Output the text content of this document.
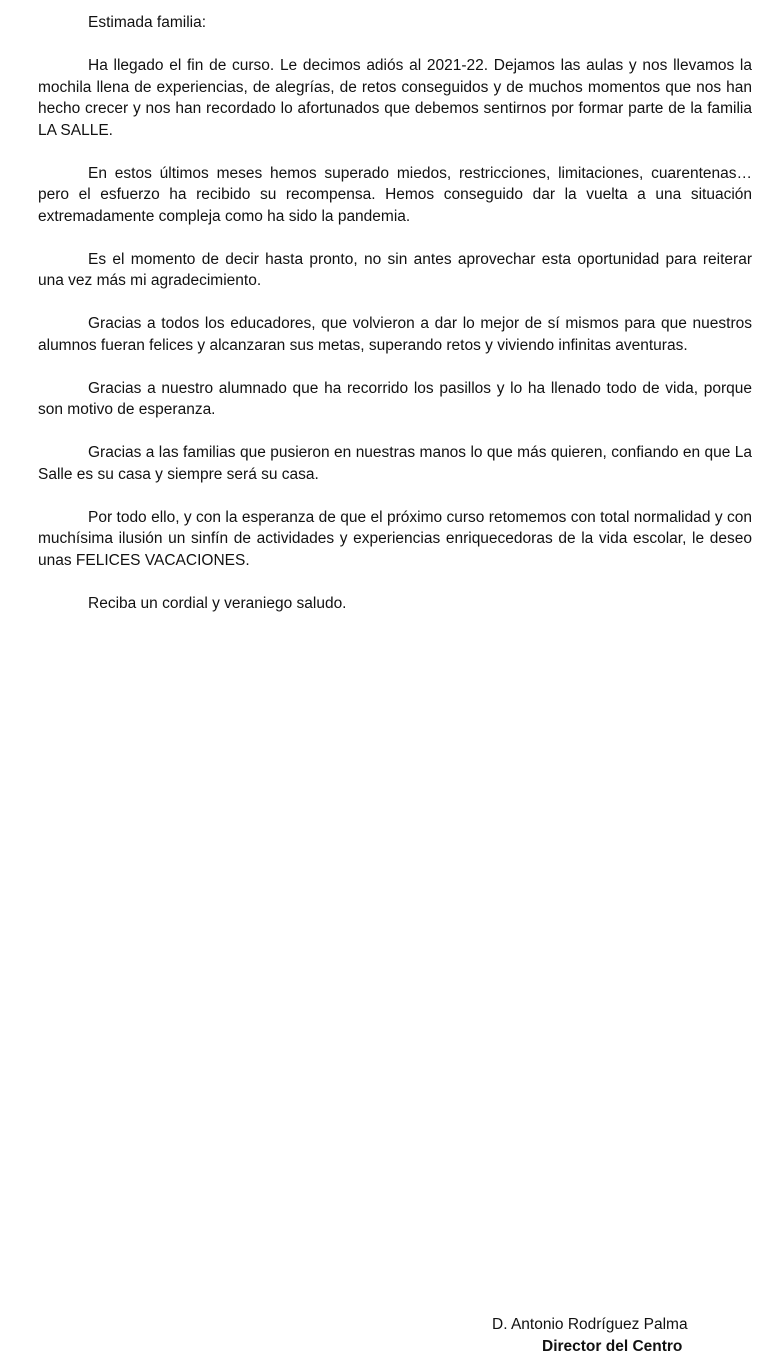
Estimada familia:

Ha llegado el fin de curso. Le decimos adiós al 2021-22. Dejamos las aulas y nos llevamos la mochila llena de experiencias, de alegrías, de retos conseguidos y de muchos momentos que nos han hecho crecer y nos han recordado lo afortunados que debemos sentirnos por formar parte de la familia LA SALLE.

En estos últimos meses hemos superado miedos, restricciones, limitaciones, cuarentenas… pero el esfuerzo ha recibido su recompensa. Hemos conseguido dar la vuelta a una situación extremadamente compleja como ha sido la pandemia.

Es el momento de decir hasta pronto, no sin antes aprovechar esta oportunidad para reiterar una vez más mi agradecimiento.

Gracias a todos los educadores, que volvieron a dar lo mejor de sí mismos para que nuestros alumnos fueran felices y alcanzaran sus metas, superando retos y viviendo infinitas aventuras.

Gracias a nuestro alumnado que ha recorrido los pasillos y lo ha llenado todo de vida, porque son motivo de esperanza.

Gracias a las familias que pusieron en nuestras manos lo que más quieren, confiando en que La Salle es su casa y siempre será su casa.

Por todo ello, y con la esperanza de que el próximo curso retomemos con total normalidad y con muchísima ilusión un sinfín de actividades y experiencias enriquecedoras de la vida escolar, le deseo unas FELICES VACACIONES.

Reciba un cordial y veraniego saludo.

D. Antonio Rodríguez Palma
Director del Centro
